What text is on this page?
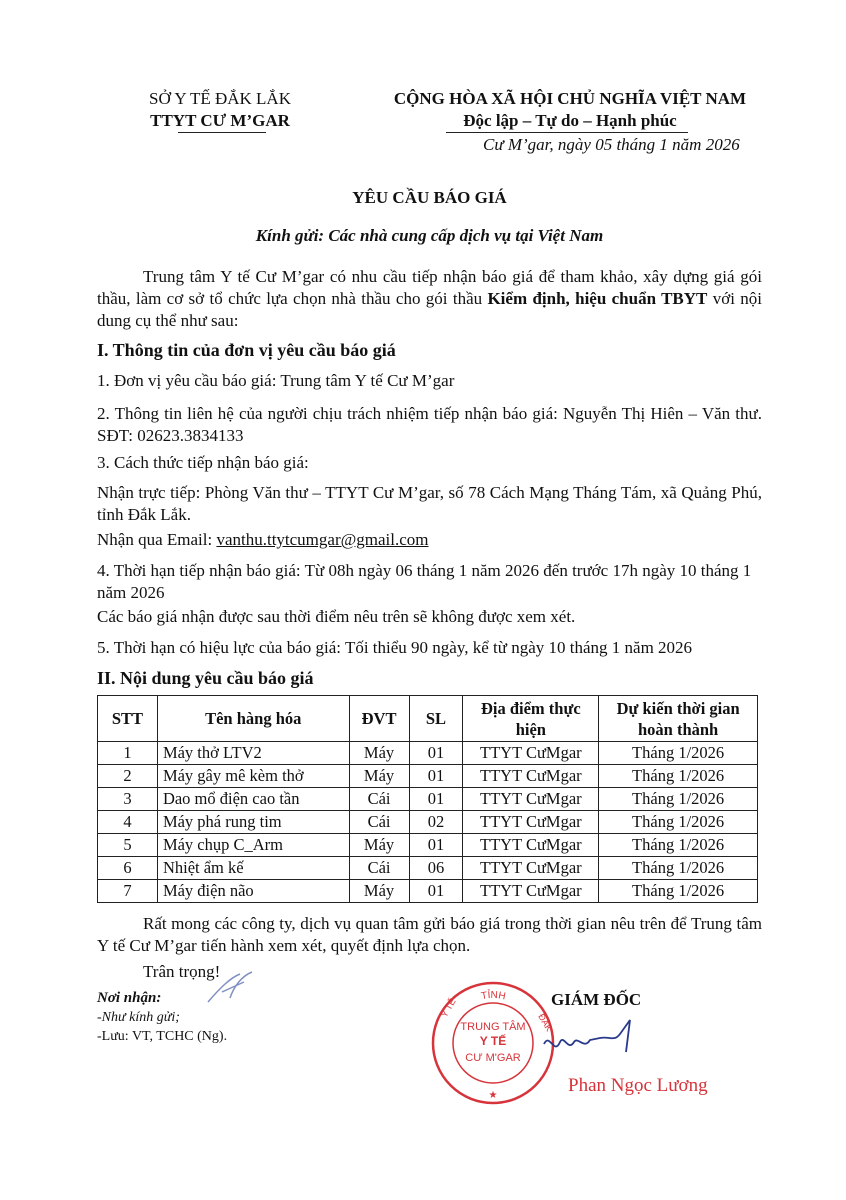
SỞ Y TẾ ĐẮK LẮK
TTYT CƯ M’GAR
CỘNG HÒA XÃ HỘI CHỦ NGHĨA VIỆT NAM
Độc lập – Tự do – Hạnh phúc
Cư M’gar, ngày 05 tháng 1 năm 2026
YÊU CẦU BÁO GIÁ
Kính gửi: Các nhà cung cấp dịch vụ tại Việt Nam
Trung tâm Y tế Cư M’gar có nhu cầu tiếp nhận báo giá để tham khảo, xây dựng giá gói thầu, làm cơ sở tổ chức lựa chọn nhà thầu cho gói thầu Kiểm định, hiệu chuẩn TBYT với nội dung cụ thể như sau:
I. Thông tin của đơn vị yêu cầu báo giá
1. Đơn vị yêu cầu báo giá: Trung tâm Y tế Cư M’gar
2. Thông tin liên hệ của người chịu trách nhiệm tiếp nhận báo giá: Nguyễn Thị Hiên – Văn thư. SĐT: 02623.3834133
3. Cách thức tiếp nhận báo giá:
Nhận trực tiếp: Phòng Văn thư – TTYT Cư M’gar, số 78 Cách Mạng Tháng Tám, xã Quảng Phú, tỉnh Đắk Lắk.
Nhận qua Email: vanthu.ttytcumgar@gmail.com
4. Thời hạn tiếp nhận báo giá: Từ 08h ngày 06 tháng 1 năm 2026 đến trước 17h ngày 10 tháng 1 năm 2026
Các báo giá nhận được sau thời điểm nêu trên sẽ không được xem xét.
5. Thời hạn có hiệu lực của báo giá: Tối thiểu 90 ngày, kể từ ngày 10 tháng 1 năm 2026
II. Nội dung yêu cầu báo giá
STT	Tên hàng hóa	ĐVT	SL	Địa điểm thực hiện	Dự kiến thời gian hoàn thành
1	Máy thở LTV2	Máy	01	TTYT CưMgar	Tháng 1/2026
2	Máy gây mê kèm thở	Máy	01	TTYT CưMgar	Tháng 1/2026
3	Dao mổ điện cao tần	Cái	01	TTYT CưMgar	Tháng 1/2026
4	Máy phá rung tim	Cái	02	TTYT CưMgar	Tháng 1/2026
5	Máy chụp C_Arm	Máy	01	TTYT CưMgar	Tháng 1/2026
6	Nhiệt ẩm kế	Cái	06	TTYT CưMgar	Tháng 1/2026
7	Máy điện não	Máy	01	TTYT CưMgar	Tháng 1/2026
Rất mong các công ty, dịch vụ quan tâm gửi báo giá trong thời gian nêu trên để Trung tâm Y tế Cư M’gar tiến hành xem xét, quyết định lựa chọn.
Trân trọng!
Nơi nhận:
-Như kính gửi;
-Lưu: VT, TCHC (Ng).
TỈNH
Y TẾ
ĐẮK
TRUNG TÂM
Y TẾ
CƯ M'GAR
★
GIÁM ĐỐC
Phan Ngọc Lương
